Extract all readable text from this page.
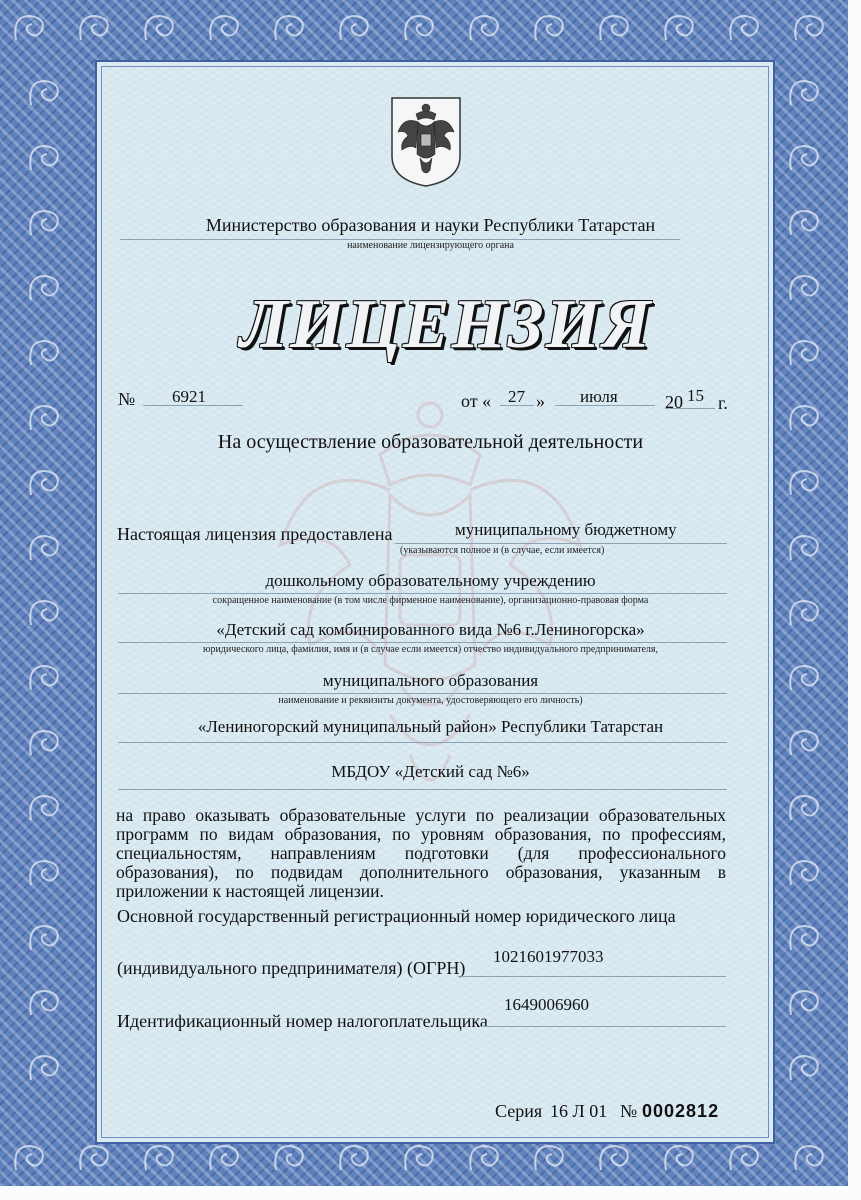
Министерство образования и науки Республики Татарстан
наименование лицензирующего органа
ЛИЦЕНЗИЯ
№ 6921	от « 27 » июля	20 15 г.
На осуществление образовательной деятельности
Настоящая лицензия предоставлена	муниципальному бюджетному
(указываются полное и (в случае, если имеется)
дошкольному образовательному учреждению
сокращенное наименование (в том числе фирменное наименование), организационно-правовая форма
«Детский сад комбинированного вида №6 г.Лениногорска»
юридического лица, фамилия, имя и (в случае если имеется) отчество индивидуального предпринимателя,
муниципального образования
наименование и реквизиты документа, удостоверяющего его личность)
«Лениногорский муниципальный район» Республики Татарстан
МБДОУ «Детский сад №6»
на право оказывать образовательные услуги по реализации образовательных программ по видам образования, по уровням образования, по профессиям, специальностям, направлениям подготовки (для профессионального образования), по подвидам дополнительного образования, указанным в приложении к настоящей лицензии.
Основной государственный регистрационный номер юридического лица
(индивидуального предпринимателя) (ОГРН)
1021601977033
Идентификационный номер налогоплательщика
1649006960
Серия 16 Л 01 № 0002812
